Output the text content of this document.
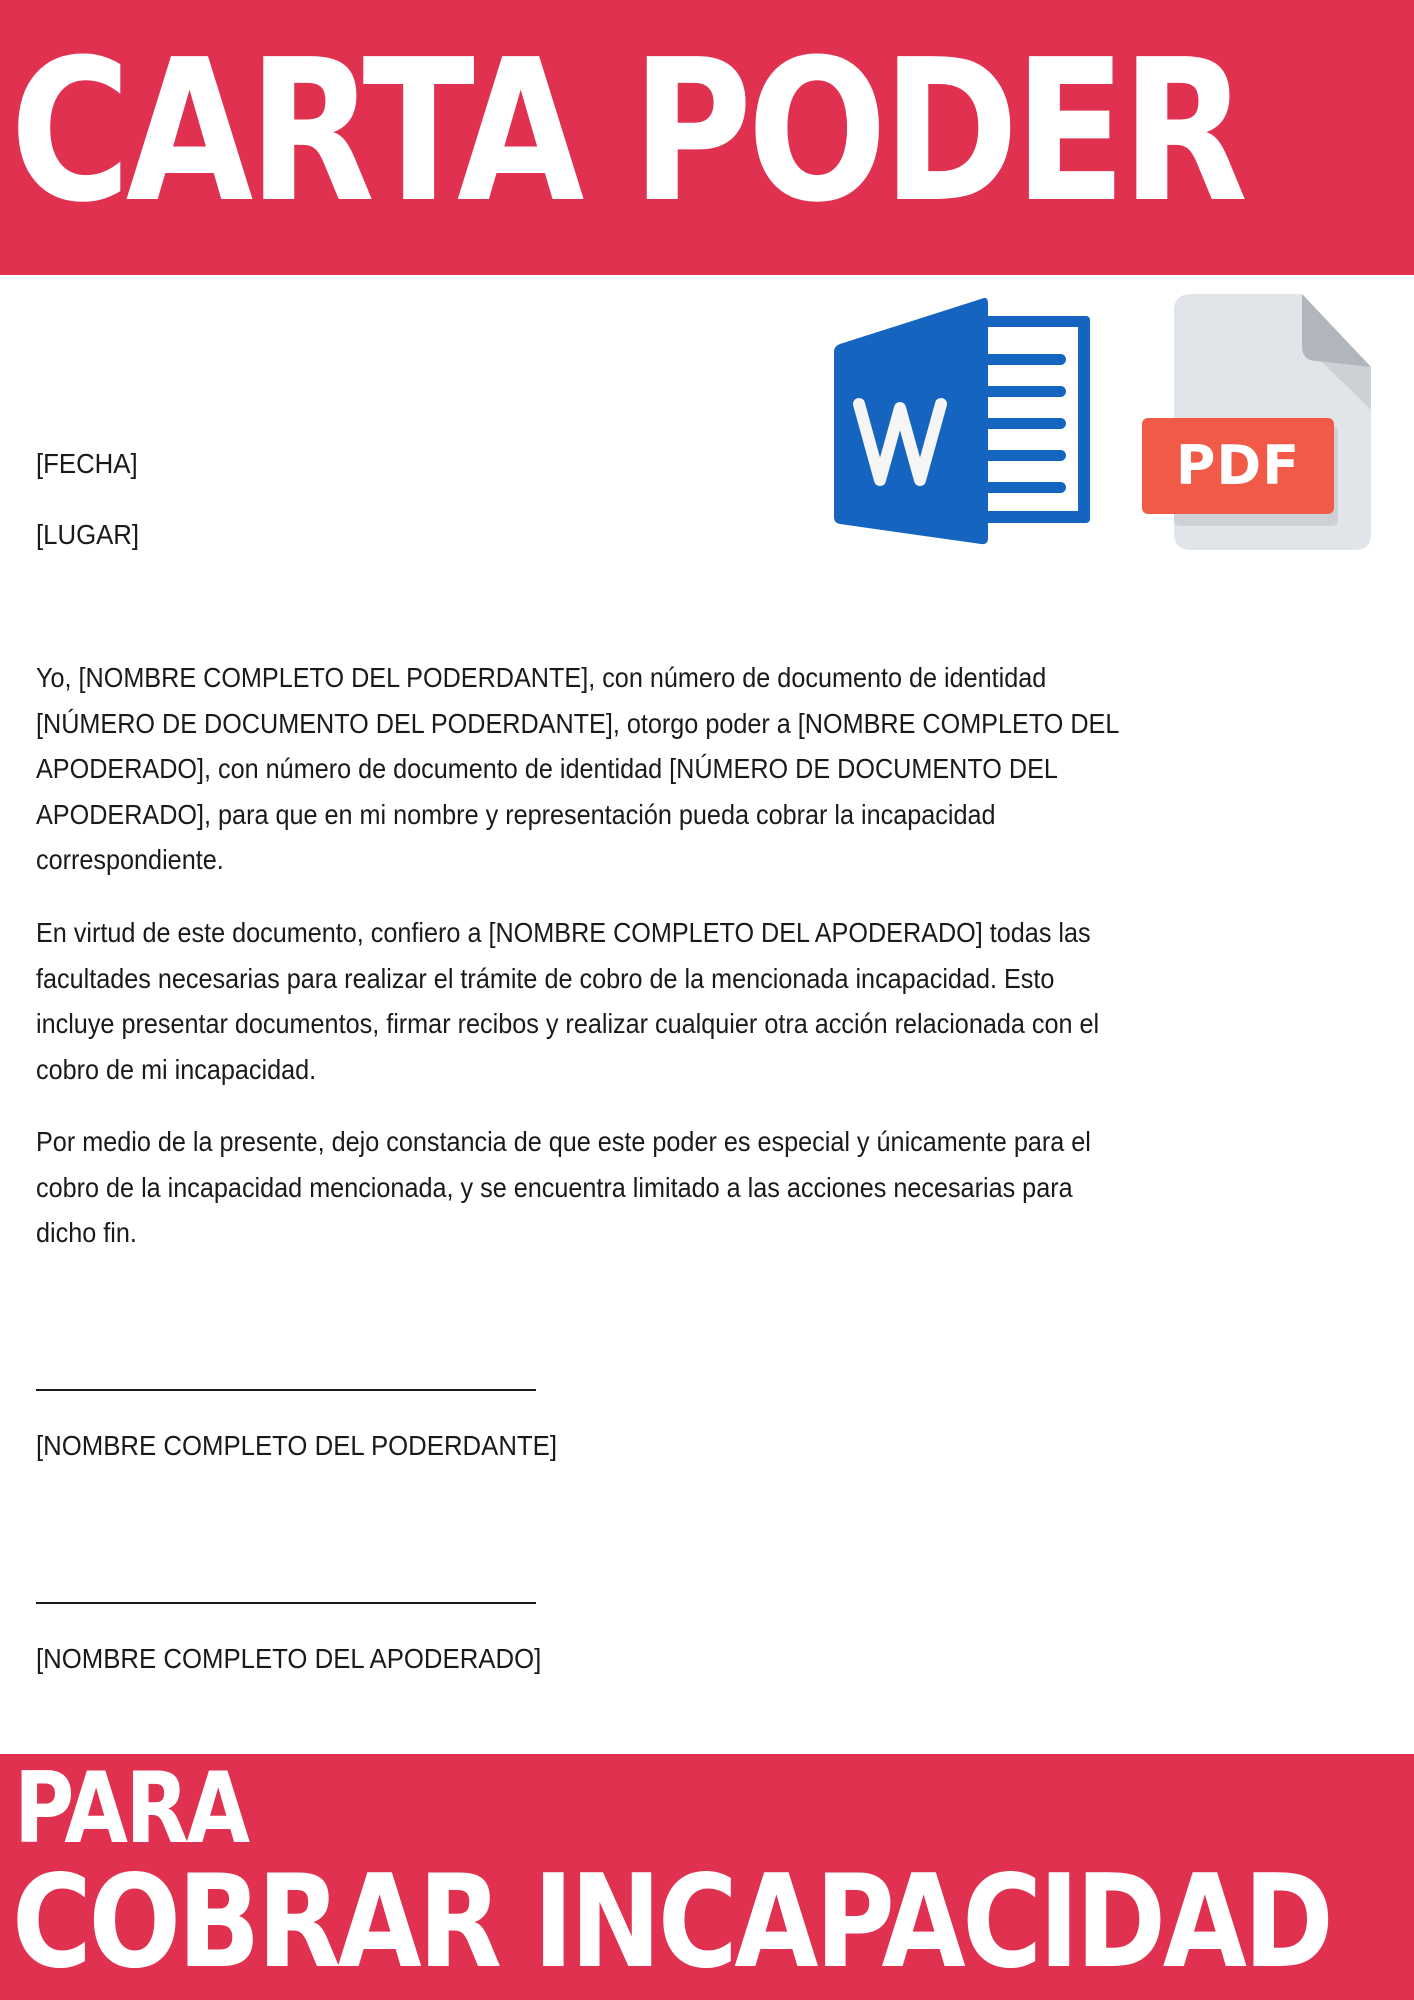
CARTA PODER
PDF
[FECHA]
[LUGAR]
Yo, [NOMBRE COMPLETO DEL PODERDANTE], con número de documento de identidad
[NÚMERO DE DOCUMENTO DEL PODERDANTE], otorgo poder a [NOMBRE COMPLETO DEL
APODERADO], con número de documento de identidad [NÚMERO DE DOCUMENTO DEL
APODERADO], para que en mi nombre y representación pueda cobrar la incapacidad
correspondiente.
En virtud de este documento, confiero a [NOMBRE COMPLETO DEL APODERADO] todas las
facultades necesarias para realizar el trámite de cobro de la mencionada incapacidad. Esto
incluye presentar documentos, firmar recibos y realizar cualquier otra acción relacionada con el
cobro de mi incapacidad.
Por medio de la presente, dejo constancia de que este poder es especial y únicamente para el
cobro de la incapacidad mencionada, y se encuentra limitado a las acciones necesarias para
dicho fin.
[NOMBRE COMPLETO DEL PODERDANTE]
[NOMBRE COMPLETO DEL APODERADO]
PARA
COBRAR INCAPACIDAD
